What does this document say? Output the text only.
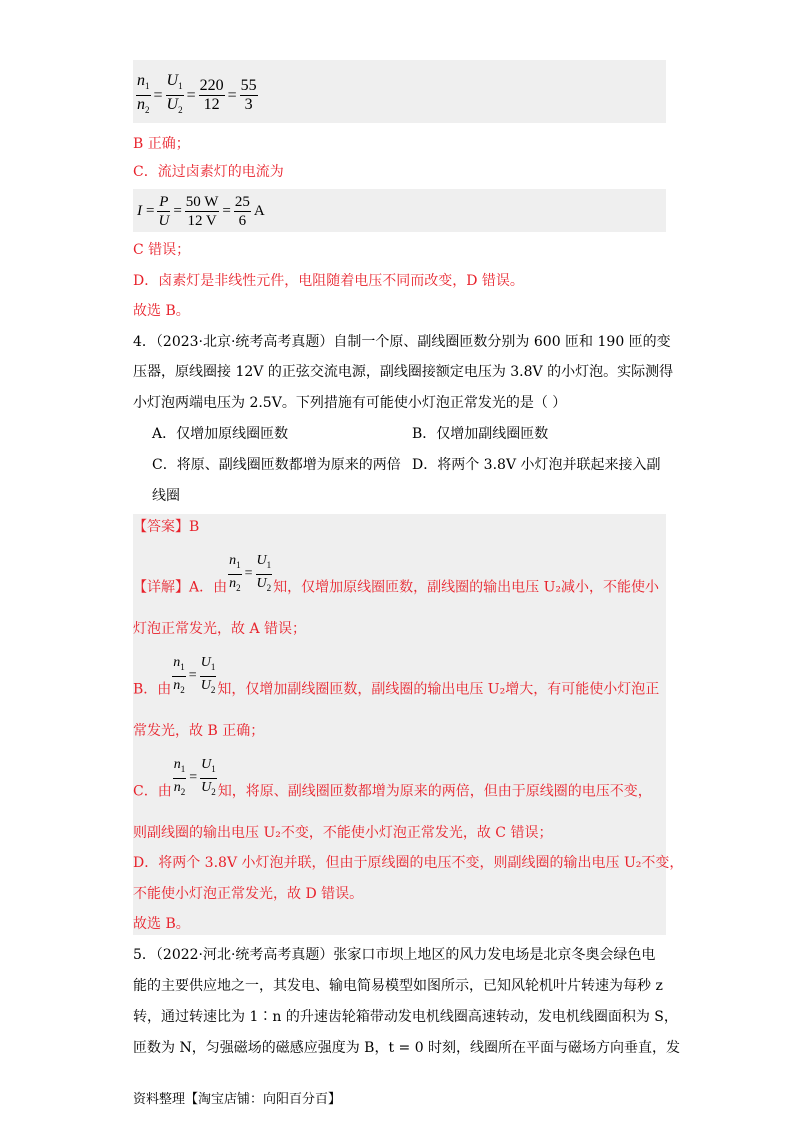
$\frac{n_1}{n_2} = \frac{U_1}{U_2} = \frac{220}{12} = \frac{55}{3}$
B 正确；
C．流过卤素灯的电流为
$I = \frac{P}{U} = \frac{50 W}{12 V} = \frac{25}{6}$ A
C 错误；
D．卤素灯是非线性元件，电阻随着电压不同而改变，D 错误。
故选 B。
4．（2023·北京·统考高考真题）自制一个原、副线圈匝数分别为 600 匝和 190 匝的变
压器，原线圈接 12V 的正弦交流电源，副线圈接额定电压为 3.8V 的小灯泡。实际测得
小灯泡两端电压为 2.5V。下列措施有可能使小灯泡正常发光的是（ ）
A．仅增加原线圈匝数	B．仅增加副线圈匝数
C．将原、副线圈匝数都增为原来的两倍 D．将两个 3.8V 小灯泡并联起来接入副
线圈
【答案】B
【详解】A．由 $\frac{n_1}{n_2} = \frac{U_1}{U_2}$ 知，仅增加原线圈匝数，副线圈的输出电压 U₂减小，不能使小
灯泡正常发光，故 A 错误；
B．由 $\frac{n_1}{n_2} = \frac{U_1}{U_2}$ 知，仅增加副线圈匝数，副线圈的输出电压 U₂增大，有可能使小灯泡正
常发光，故 B 正确；
C．由 $\frac{n_1}{n_2} = \frac{U_1}{U_2}$ 知，将原、副线圈匝数都增为原来的两倍，但由于原线圈的电压不变，
则副线圈的输出电压 U₂不变，不能使小灯泡正常发光，故 C 错误；
D．将两个 3.8V 小灯泡并联，但由于原线圈的电压不变，则副线圈的输出电压 U₂不变，
不能使小灯泡正常发光，故 D 错误。
故选 B。
5．（2022·河北·统考高考真题）张家口市坝上地区的风力发电场是北京冬奥会绿色电
能的主要供应地之一，其发电、输电简易模型如图所示，已知风轮机叶片转速为每秒 z
转，通过转速比为 1∶n 的升速齿轮箱带动发电机线圈高速转动，发电机线圈面积为 S，
匝数为 N，匀强磁场的磁感应强度为 B，t = 0 时刻，线圈所在平面与磁场方向垂直，发
资料整理【淘宝店铺：向阳百分百】
